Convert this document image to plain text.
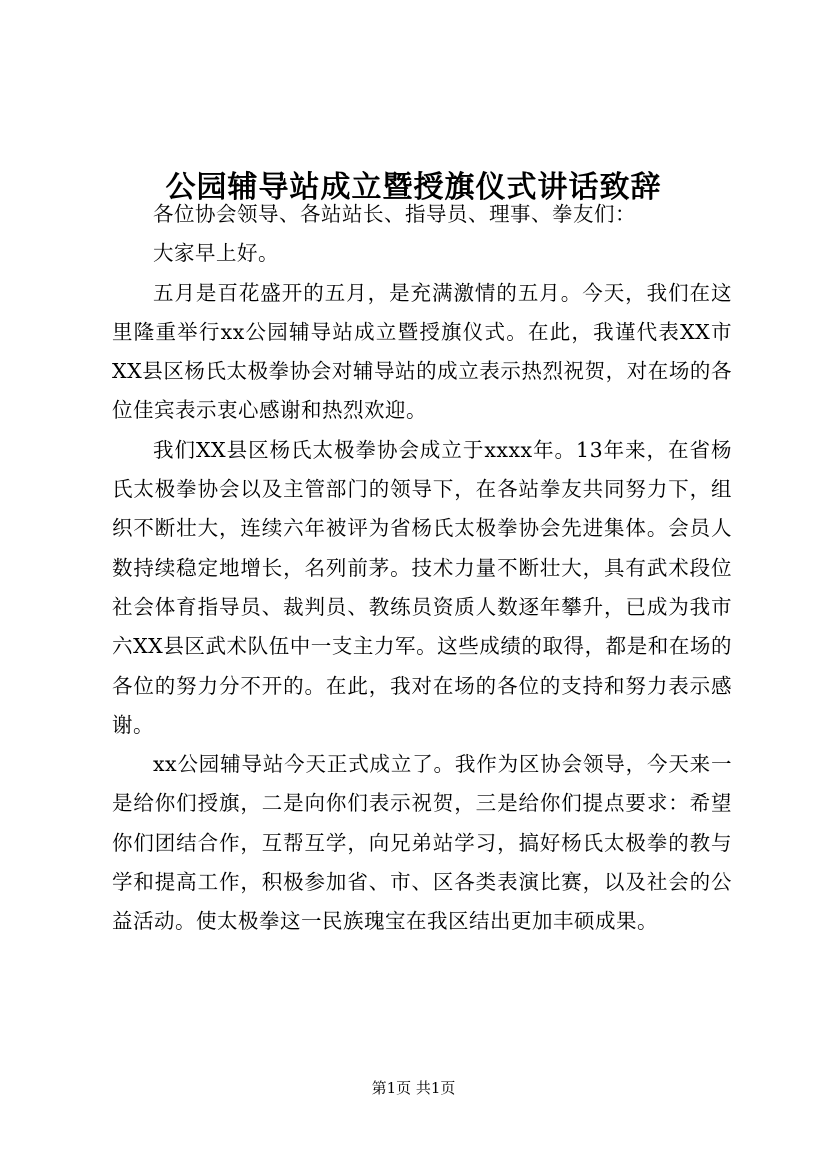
公园辅导站成立暨授旗仪式讲话致辞

各位协会领导、各站站长、指导员、理事、拳友们：

大家早上好。

五月是百花盛开的五月，是充满激情的五月。今天，我们在这里隆重举行xx公园辅导站成立暨授旗仪式。在此，我谨代表XX市XX县区杨氏太极拳协会对辅导站的成立表示热烈祝贺，对在场的各位佳宾表示衷心感谢和热烈欢迎。

我们XX县区杨氏太极拳协会成立于xxxx年。13年来，在省杨氏太极拳协会以及主管部门的领导下，在各站拳友共同努力下，组织不断壮大，连续六年被评为省杨氏太极拳协会先进集体。会员人数持续稳定地增长，名列前茅。技术力量不断壮大，具有武术段位社会体育指导员、裁判员、教练员资质人数逐年攀升，已成为我市六XX县区武术队伍中一支主力军。这些成绩的取得，都是和在场的各位的努力分不开的。在此，我对在场的各位的支持和努力表示感谢。

xx公园辅导站今天正式成立了。我作为区协会领导，今天来一是给你们授旗，二是向你们表示祝贺，三是给你们提点要求：希望你们团结合作，互帮互学，向兄弟站学习，搞好杨氏太极拳的教与学和提高工作，积极参加省、市、区各类表演比赛，以及社会的公益活动。使太极拳这一民族瑰宝在我区结出更加丰硕成果。

第1页 共1页
